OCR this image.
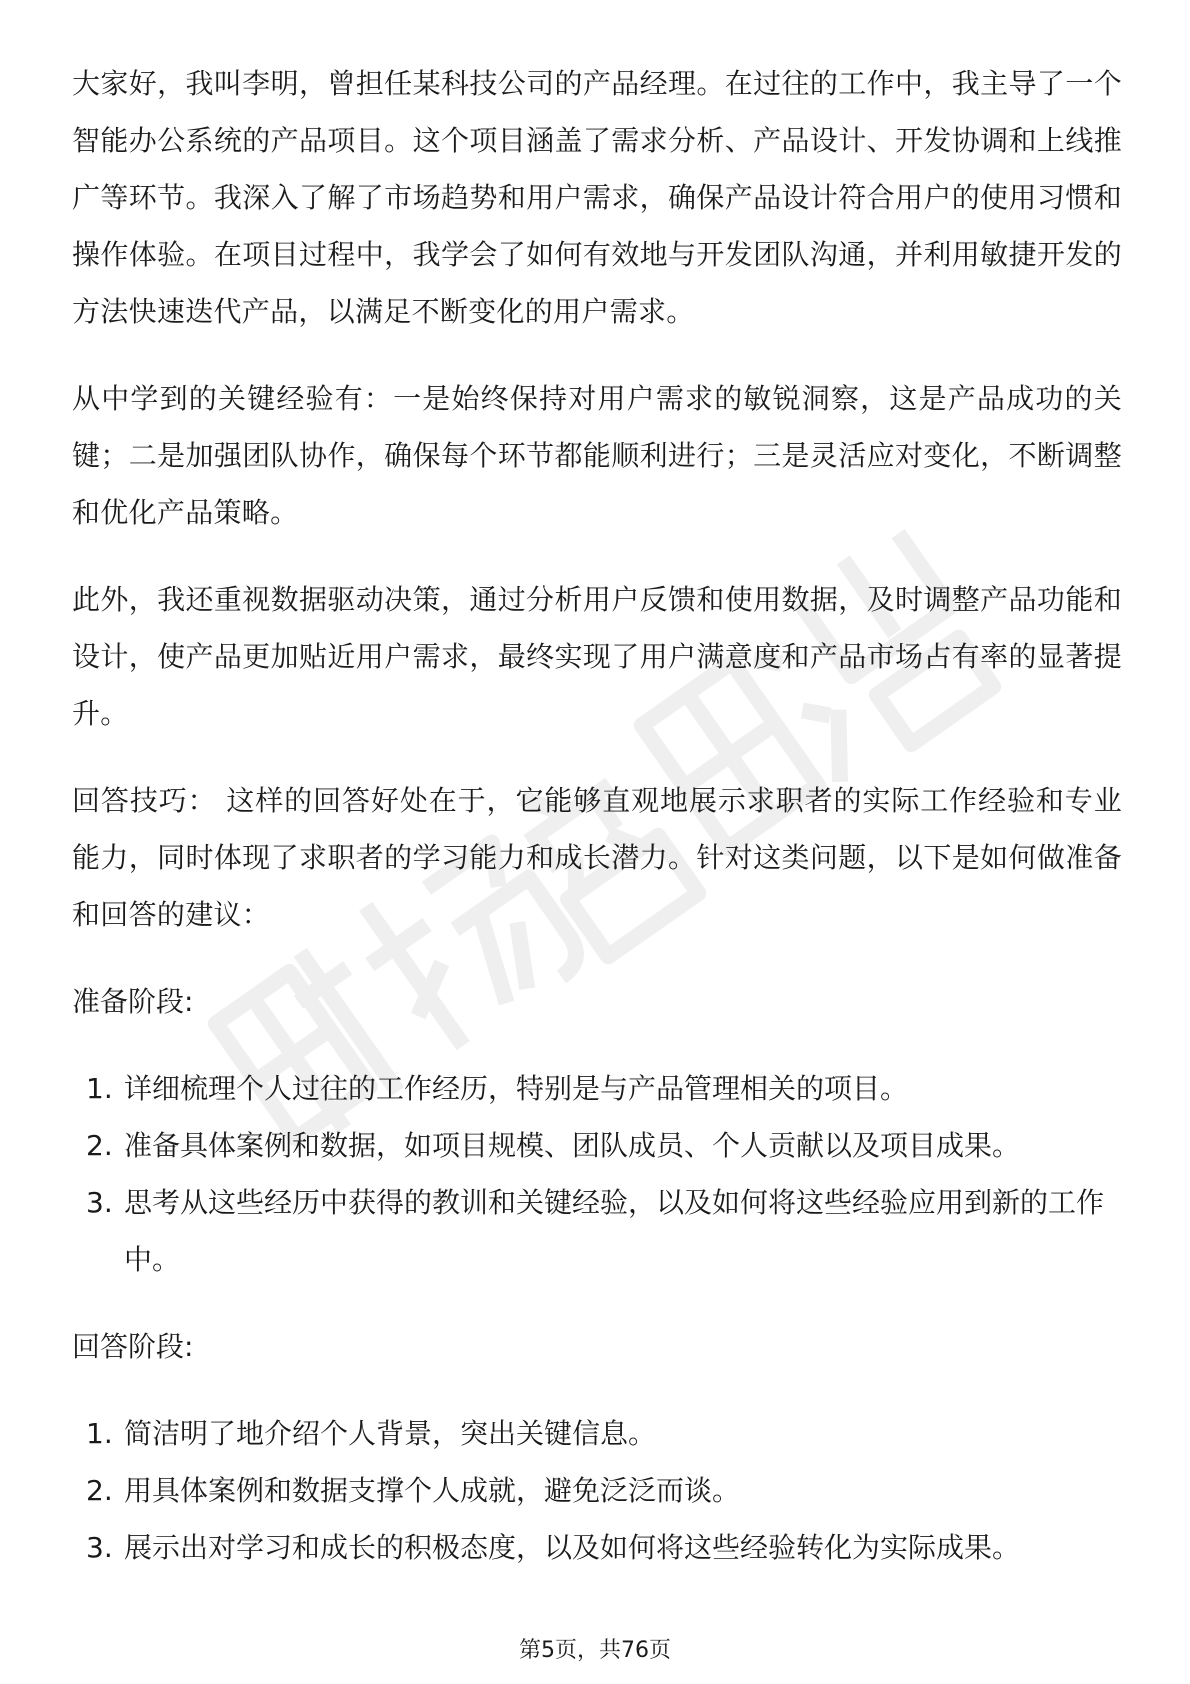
大家好，我叫李明，曾担任某科技公司的产品经理。在过往的工作中，我主导了一个智能办公系统的产品项目。这个项目涵盖了需求分析、产品设计、开发协调和上线推广等环节。我深入了解了市场趋势和用户需求，确保产品设计符合用户的使用习惯和操作体验。在项目过程中，我学会了如何有效地与开发团队沟通，并利用敏捷开发的方法快速迭代产品，以满足不断变化的用户需求。

从中学到的关键经验有：一是始终保持对用户需求的敏锐洞察，这是产品成功的关键；二是加强团队协作，确保每个环节都能顺利进行；三是灵活应对变化，不断调整和优化产品策略。

此外，我还重视数据驱动决策，通过分析用户反馈和使用数据，及时调整产品功能和设计，使产品更加贴近用户需求，最终实现了用户满意度和产品市场占有率的显著提升。

回答技巧： 这样的回答好处在于，它能够直观地展示求职者的实际工作经验和专业能力，同时体现了求职者的学习能力和成长潜力。针对这类问题，以下是如何做准备和回答的建议：

准备阶段:

1. 详细梳理个人过往的工作经历，特别是与产品管理相关的项目。
2. 准备具体案例和数据，如项目规模、团队成员、个人贡献以及项目成果。
3. 思考从这些经历中获得的教训和关键经验，以及如何将这些经验应用到新的工作中。

回答阶段:

1. 简洁明了地介绍个人背景，突出关键信息。
2. 用具体案例和数据支撑个人成就，避免泛泛而谈。
3. 展示出对学习和成长的积极态度，以及如何将这些经验转化为实际成果。
第5页，共76页
